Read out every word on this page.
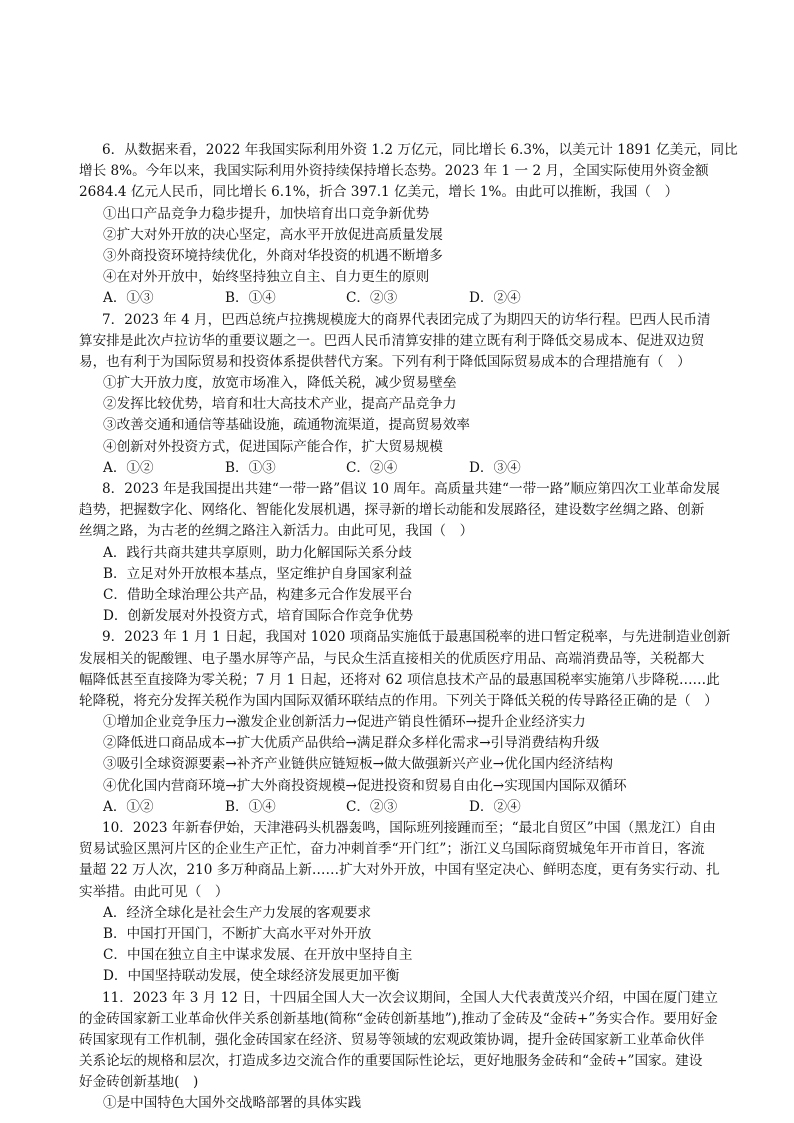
6．从数据来看，2022 年我国实际利用外资 1.2 万亿元，同比增长 6.3%，以美元计 1891 亿美元，同比
增长 8%。今年以来，我国实际利用外资持续保持增长态势。2023 年 1 一 2 月，全国实际使用外资金额
2684.4 亿元人民币，同比增长 6.1%，折合 397.1 亿美元，增长 1%。由此可以推断，我国（　）
①出口产品竞争力稳步提升，加快培育出口竞争新优势
②扩大对外开放的决心坚定，高水平开放促进高质量发展
③外商投资环境持续优化，外商对华投资的机遇不断增多
④在对外开放中，始终坚持独立自主、自力更生的原则
A．①③	B．①④	C．②③	D．②④
7．2023 年 4 月，巴西总统卢拉携规模庞大的商界代表团完成了为期四天的访华行程。巴西人民币清
算安排是此次卢拉访华的重要议题之一。巴西人民币清算安排的建立既有利于降低交易成本、促进双边贸
易，也有利于为国际贸易和投资体系提供替代方案。下列有利于降低国际贸易成本的合理措施有（　）
①扩大开放力度，放宽市场准入，降低关税，减少贸易壁垒
②发挥比较优势，培育和壮大高技术产业，提高产品竞争力
③改善交通和通信等基础设施，疏通物流渠道，提高贸易效率
④创新对外投资方式，促进国际产能合作，扩大贸易规模
A．①②	B．①③	C．②④	D．③④
8．2023 年是我国提出共建“一带一路”倡议 10 周年。高质量共建“一带一路”顺应第四次工业革命发展
趋势，把握数字化、网络化、智能化发展机遇，探寻新的增长动能和发展路径，建设数字丝绸之路、创新
丝绸之路，为古老的丝绸之路注入新活力。由此可见，我国（　）
A．践行共商共建共享原则，助力化解国际关系分歧
B．立足对外开放根本基点，坚定维护自身国家利益
C．借助全球治理公共产品，构建多元合作发展平台
D．创新发展对外投资方式，培育国际合作竞争优势
9．2023 年 1 月 1 日起，我国对 1020 项商品实施低于最惠国税率的进口暂定税率，与先进制造业创新
发展相关的铌酸锂、电子墨水屏等产品，与民众生活直接相关的优质医疗用品、高端消费品等，关税都大
幅降低甚至直接降为零关税；7 月 1 日起，还将对 62 项信息技术产品的最惠国税率实施第八步降税……此
轮降税，将充分发挥关税作为国内国际双循环联结点的作用。下列关于降低关税的传导路径正确的是（　）
①增加企业竞争压力→激发企业创新活力→促进产销良性循环→提升企业经济实力
②降低进口商品成本→扩大优质产品供给→满足群众多样化需求→引导消费结构升级
③吸引全球资源要素→补齐产业链供应链短板→做大做强新兴产业→优化国内经济结构
④优化国内营商环境→扩大外商投资规模→促进投资和贸易自由化→实现国内国际双循环
A．①②	B．①④	C．②③	D．②④
10．2023 年新春伊始，天津港码头机器轰鸣，国际班列接踵而至；“最北自贸区”中国（黑龙江）自由
贸易试验区黑河片区的企业生产正忙，奋力冲刺首季“开门红”；浙江义乌国际商贸城兔年开市首日，客流
量超 22 万人次，210 多万种商品上新……扩大对外开放，中国有坚定决心、鲜明态度，更有务实行动、扎
实举措。由此可见（　）
A．经济全球化是社会生产力发展的客观要求
B．中国打开国门，不断扩大高水平对外开放
C．中国在独立自主中谋求发展、在开放中坚持自主
D．中国坚持联动发展，使全球经济发展更加平衡
11．2023 年 3 月 12 日，十四届全国人大一次会议期间，全国人大代表黄茂兴介绍，中国在厦门建立
的金砖国家新工业革命伙伴关系创新基地(简称“金砖创新基地”),推动了金砖及“金砖+”务实合作。要用好金
砖国家现有工作机制，强化金砖国家在经济、贸易等领域的宏观政策协调，提升金砖国家新工业革命伙伴
关系论坛的规格和层次，打造成多边交流合作的重要国际性论坛，更好地服务金砖和“金砖+”国家。建设
好金砖创新基地(　)
①是中国特色大国外交战略部署的具体实践
